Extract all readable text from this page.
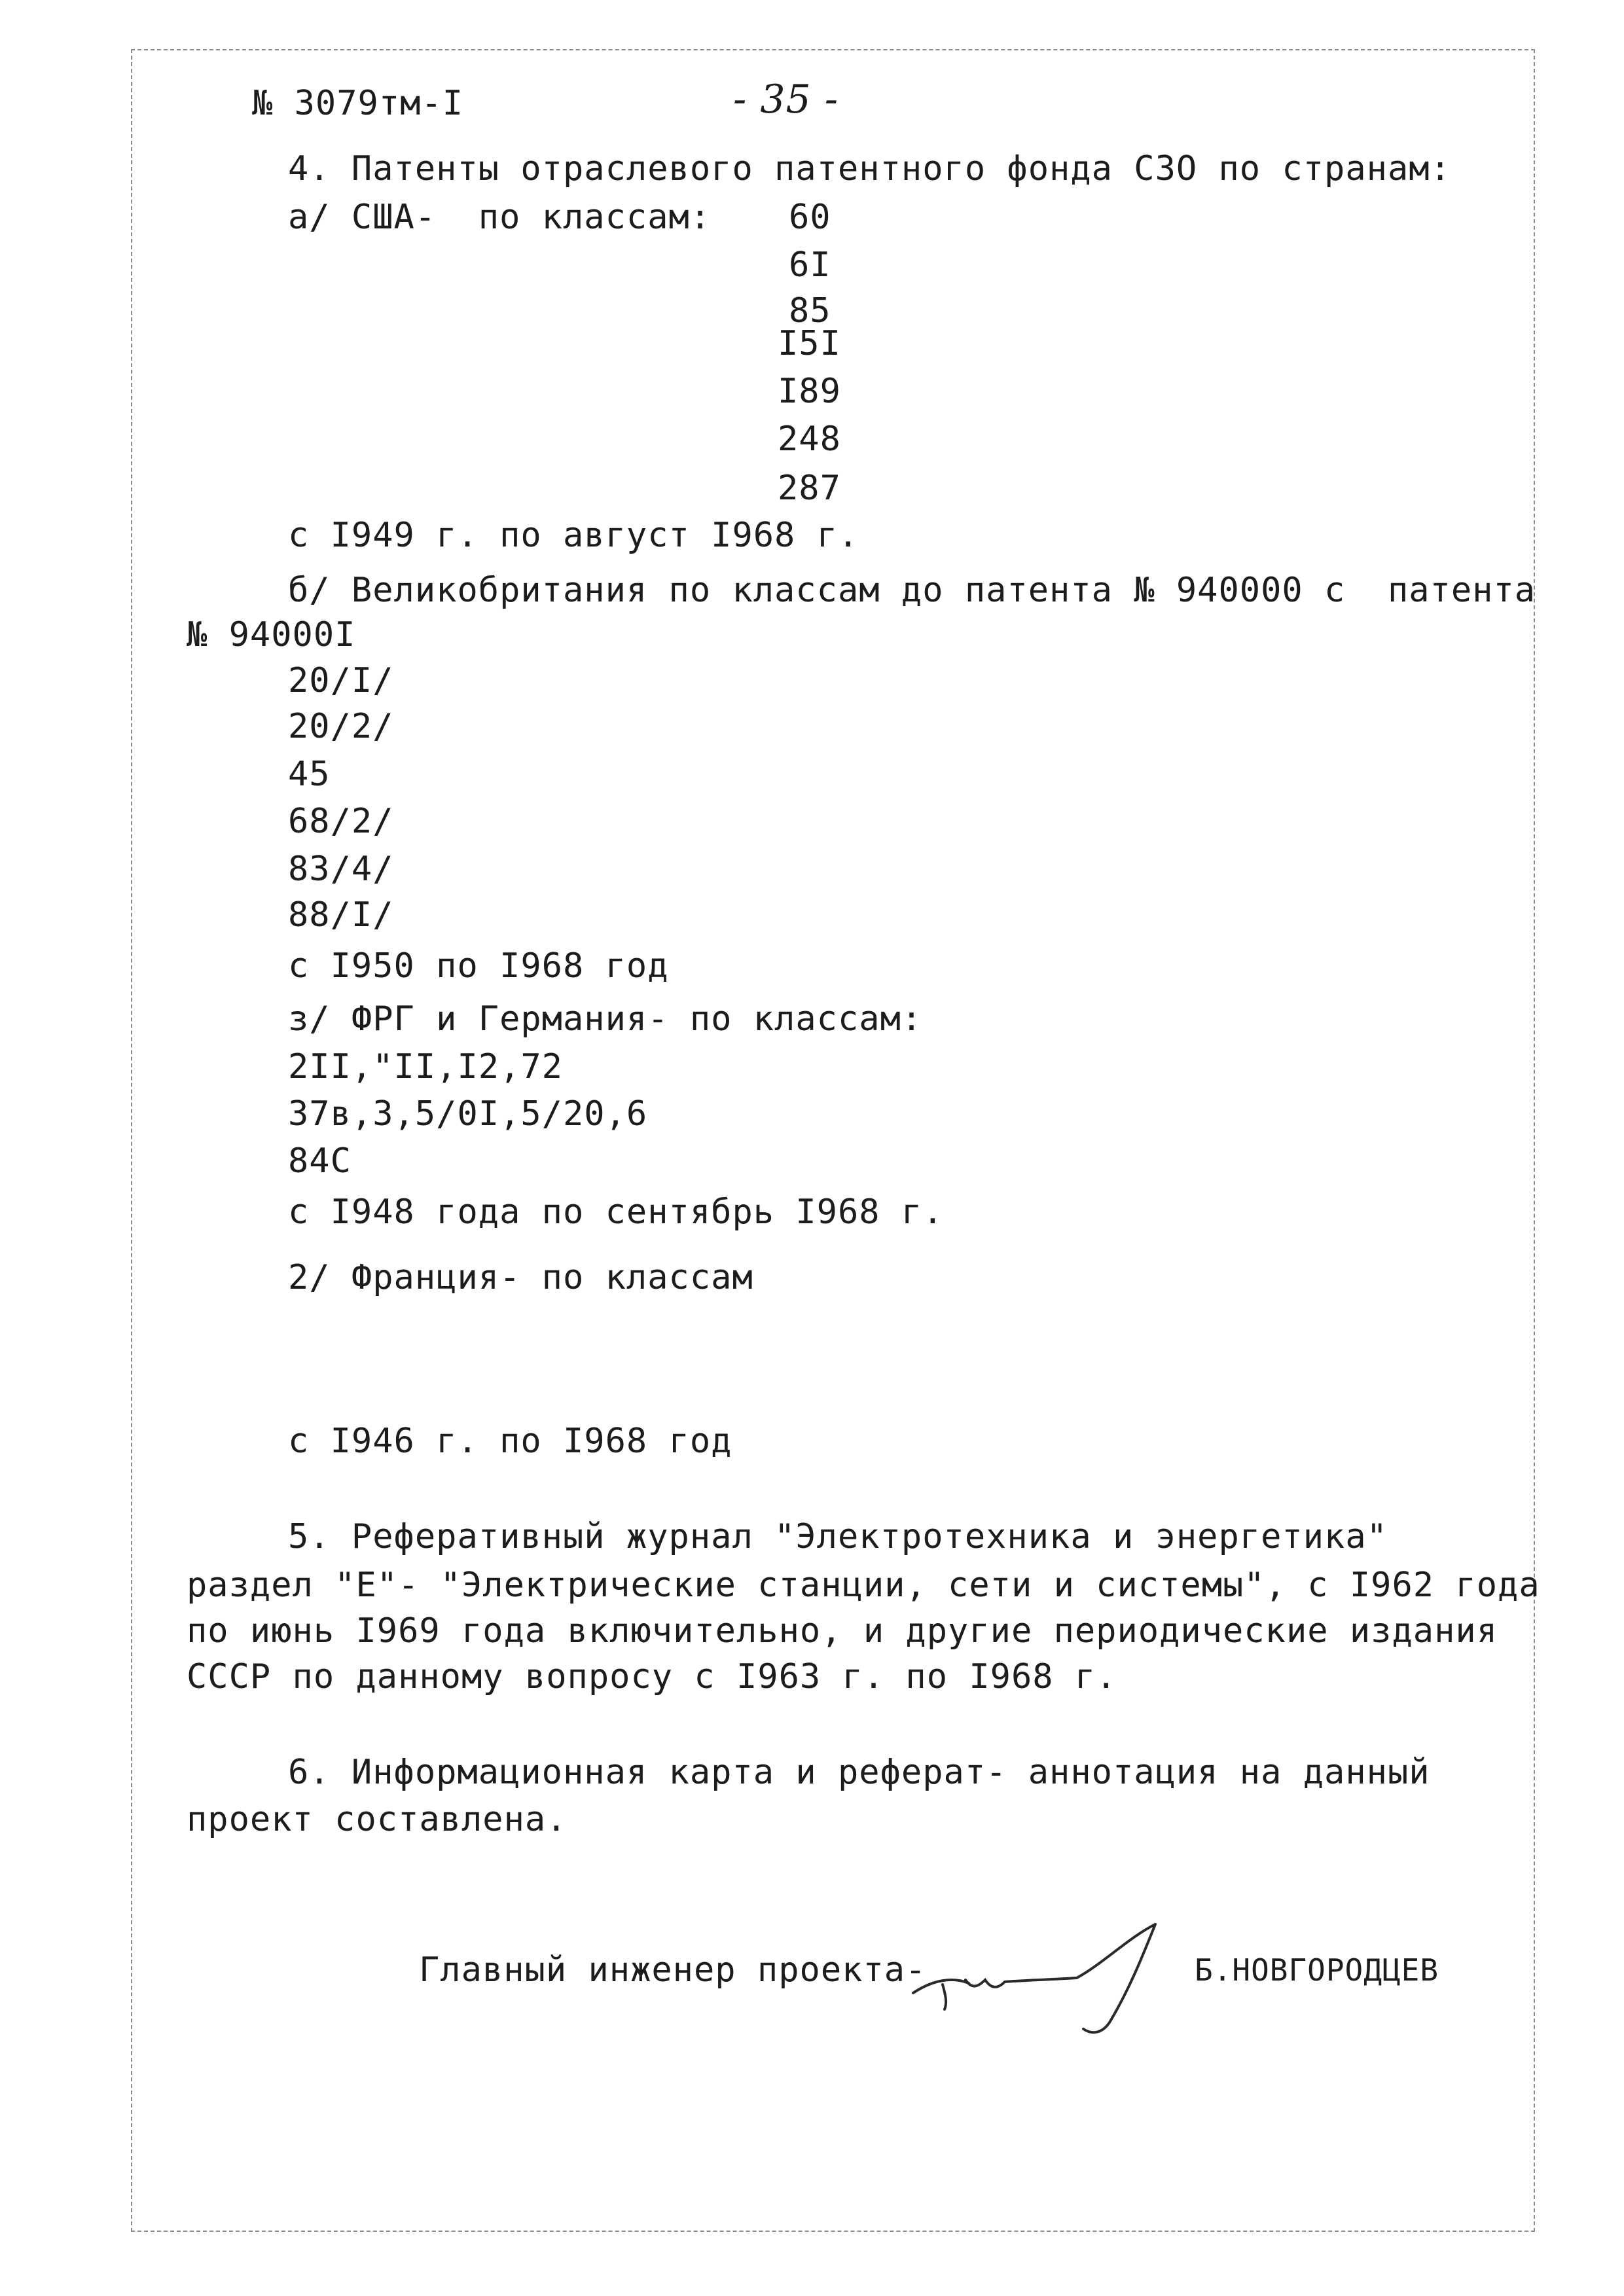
№ 3079тм-I	- 35 -
4. Патенты отраслевого патентного фонда СЗО по странам:
а/ США-  по классам: 60
6I
85
I5I
I89
248
287
с I949 г. по август I968 г.
б/ Великобритания по классам до патента № 940000 с  патента
№ 94000I
20/I/
20/2/
45
68/2/
83/4/
88/I/
с I950 по I968 год
з/ ФРГ и Германия- по классам:
2II,"II,I2,72
37в,3,5/0I,5/20,6
84С
с I948 года по сентябрь I968 г.
2/ Франция- по классам
с I946 г. по I968 год
5. Реферативный журнал "Электротехника и энергетика"
раздел "Е"- "Электрические станции, сети и системы", с I962 года
по июнь I969 года включительно, и другие периодические издания
СССР по данному вопросу с I963 г. по I968 г.
6. Информационная карта и реферат- аннотация на данный
проект составлена.
Главный инженер проекта-	Б.НОВГОРОДЦЕВ
